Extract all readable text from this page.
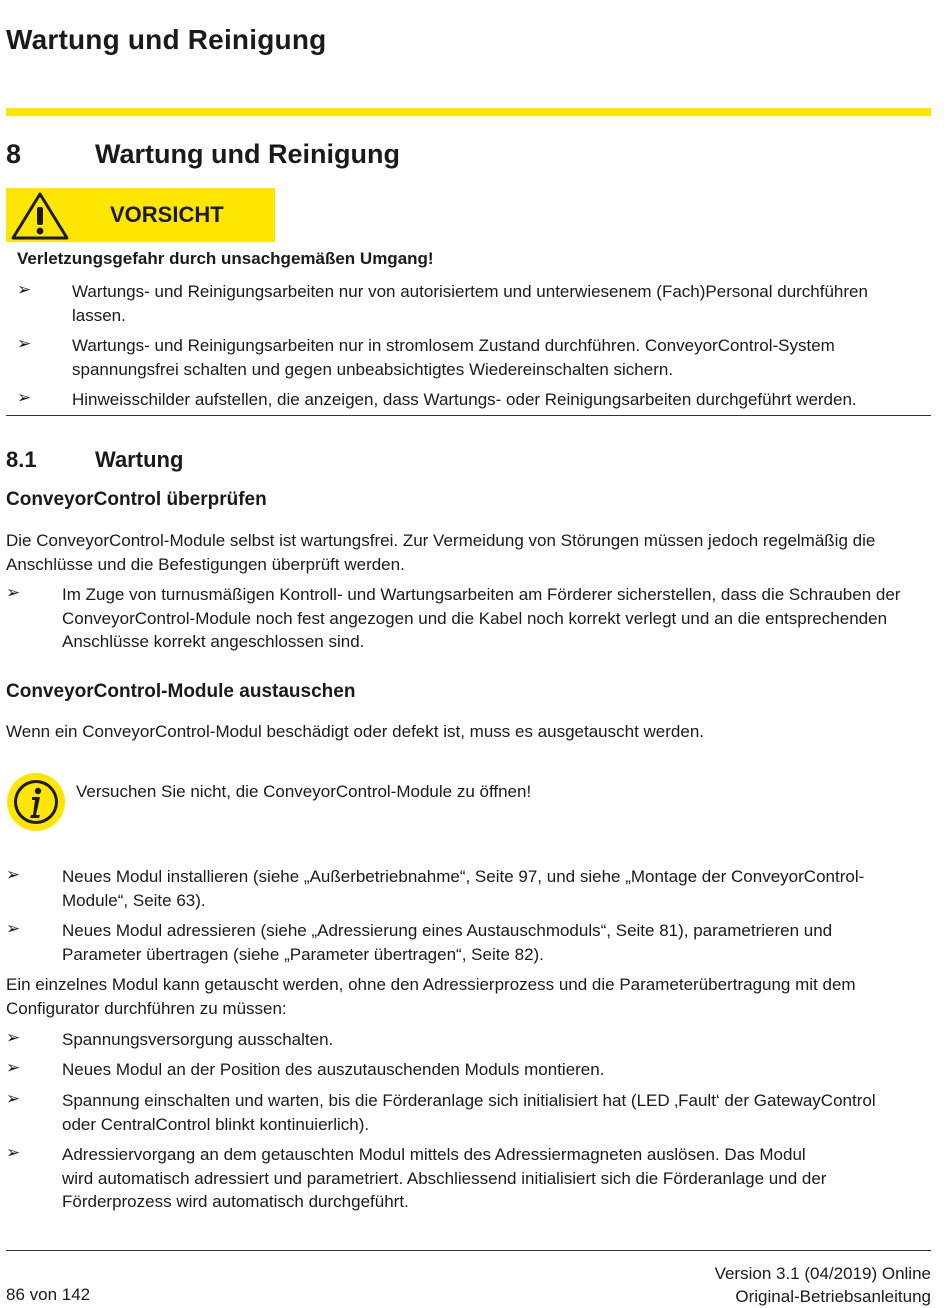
Wartung und Reinigung
8	Wartung und Reinigung
VORSICHT
Verletzungsgefahr durch unsachgemäßen Umgang!
➢ Wartungs- und Reinigungsarbeiten nur von autorisiertem und unterwiesenem (Fach)Personal durchführen
lassen.
➢ Wartungs- und Reinigungsarbeiten nur in stromlosem Zustand durchführen. ConveyorControl-System
spannungsfrei schalten und gegen unbeabsichtigtes Wiedereinschalten sichern.
➢ Hinweisschilder aufstellen, die anzeigen, dass Wartungs- oder Reinigungsarbeiten durchgeführt werden.
8.1	Wartung
ConveyorControl überprüfen
Die ConveyorControl-Module selbst ist wartungsfrei. Zur Vermeidung von Störungen müssen jedoch regelmäßig die
Anschlüsse und die Befestigungen überprüft werden.
➢ Im Zuge von turnusmäßigen Kontroll- und Wartungsarbeiten am Förderer sicherstellen, dass die Schrauben der
ConveyorControl-Module noch fest angezogen und die Kabel noch korrekt verlegt und an die entsprechenden
Anschlüsse korrekt angeschlossen sind.
ConveyorControl-Module austauschen
Wenn ein ConveyorControl-Modul beschädigt oder defekt ist, muss es ausgetauscht werden.
Versuchen Sie nicht, die ConveyorControl-Module zu öffnen!
➢ Neues Modul installieren (siehe „Außerbetriebnahme“, Seite 97, und siehe „Montage der ConveyorControl-
Module“, Seite 63).
➢ Neues Modul adressieren (siehe „Adressierung eines Austauschmoduls“, Seite 81), parametrieren und
Parameter übertragen (siehe „Parameter übertragen“, Seite 82).
Ein einzelnes Modul kann getauscht werden, ohne den Adressierprozess und die Parameterübertragung mit dem
Configurator durchführen zu müssen:
➢ Spannungsversorgung ausschalten.
➢ Neues Modul an der Position des auszutauschenden Moduls montieren.
➢ Spannung einschalten und warten, bis die Förderanlage sich initialisiert hat (LED ‚Fault‘ der GatewayControl
oder CentralControl blinkt kontinuierlich).
➢ Adressiervorgang an dem getauschten Modul mittels des Adressiermagneten auslösen. Das Modul
wird automatisch adressiert und parametriert. Abschliessend initialisiert sich die Förderanlage und der
Förderprozess wird automatisch durchgeführt.
86 von 142
Version 3.1 (04/2019) Online
Original-Betriebsanleitung
